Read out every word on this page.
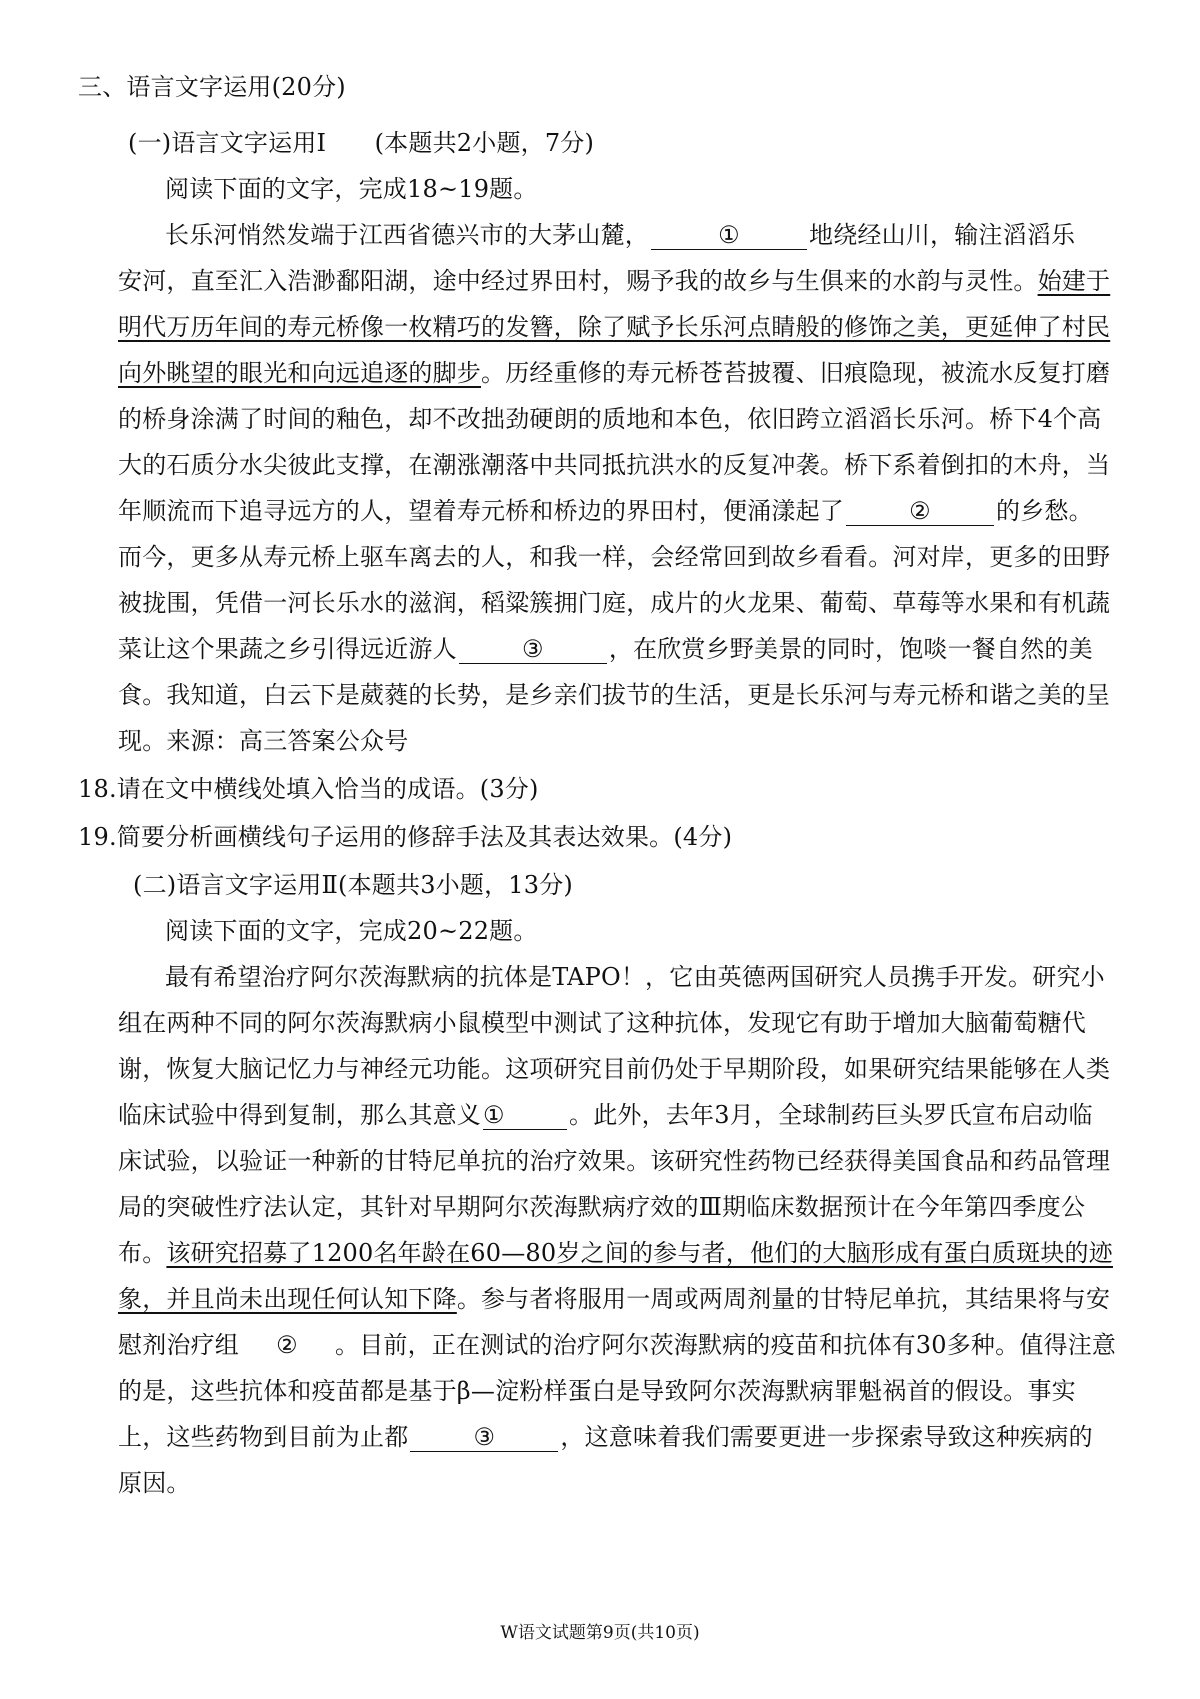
三、语言文字运用(20分)
(一)语言文字运用Ⅰ　　(本题共2小题，7分)
阅读下面的文字，完成18~19题。
长乐河悄然发端于江西省德兴市的大茅山麓，	①	地绕经山川，输注滔滔乐
安河，直至汇入浩渺鄱阳湖，途中经过界田村，赐予我的故乡与生俱来的水韵与灵性。始建于
明代万历年间的寿元桥像一枚精巧的发簪，除了赋予长乐河点睛般的修饰之美，更延伸了村民
向外眺望的眼光和向远追逐的脚步。历经重修的寿元桥苍苔披覆、旧痕隐现，被流水反复打磨
的桥身涂满了时间的釉色，却不改拙劲硬朗的质地和本色，依旧跨立滔滔长乐河。桥下4个高
大的石质分水尖彼此支撑，在潮涨潮落中共同抵抗洪水的反复冲袭。桥下系着倒扣的木舟，当
年顺流而下追寻远方的人，望着寿元桥和桥边的界田村，便涌漾起了	②	的乡愁。
而今，更多从寿元桥上驱车离去的人，和我一样，会经常回到故乡看看。河对岸，更多的田野
被拢围，凭借一河长乐水的滋润，稻粱簇拥门庭，成片的火龙果、葡萄、草莓等水果和有机蔬
菜让这个果蔬之乡引得远近游人	③	，在欣赏乡野美景的同时，饱啖一餐自然的美
食。我知道，白云下是葳蕤的长势，是乡亲们拔节的生活，更是长乐河与寿元桥和谐之美的呈
现。来源：高三答案公众号
18.请在文中横线处填入恰当的成语。(3分)
19.简要分析画横线句子运用的修辞手法及其表达效果。(4分)
(二)语言文字运用Ⅱ(本题共3小题，13分)
阅读下面的文字，完成20~22题。
最有希望治疗阿尔茨海默病的抗体是TAPO！，它由英德两国研究人员携手开发。研究小
组在两种不同的阿尔茨海默病小鼠模型中测试了这种抗体，发现它有助于增加大脑葡萄糖代
谢，恢复大脑记忆力与神经元功能。这项研究目前仍处于早期阶段，如果研究结果能够在人类
临床试验中得到复制，那么其意义①	。此外，去年3月，全球制药巨头罗氏宣布启动临
床试验，以验证一种新的甘特尼单抗的治疗效果。该研究性药物已经获得美国食品和药品管理
局的突破性疗法认定，其针对早期阿尔茨海默病疗效的Ⅲ期临床数据预计在今年第四季度公
布。该研究招募了1200名年龄在60—80岁之间的参与者，他们的大脑形成有蛋白质斑块的迹
象，并且尚未出现任何认知下降。参与者将服用一周或两周剂量的甘特尼单抗，其结果将与安
慰剂治疗组 ② 。目前，正在测试的治疗阿尔茨海默病的疫苗和抗体有30多种。值得注意
的是，这些抗体和疫苗都是基于β—淀粉样蛋白是导致阿尔茨海默病罪魁祸首的假设。事实
上，这些药物到目前为止都	③	，这意味着我们需要更进一步探索导致这种疾病的
原因。
W语文试题第9页(共10页)
